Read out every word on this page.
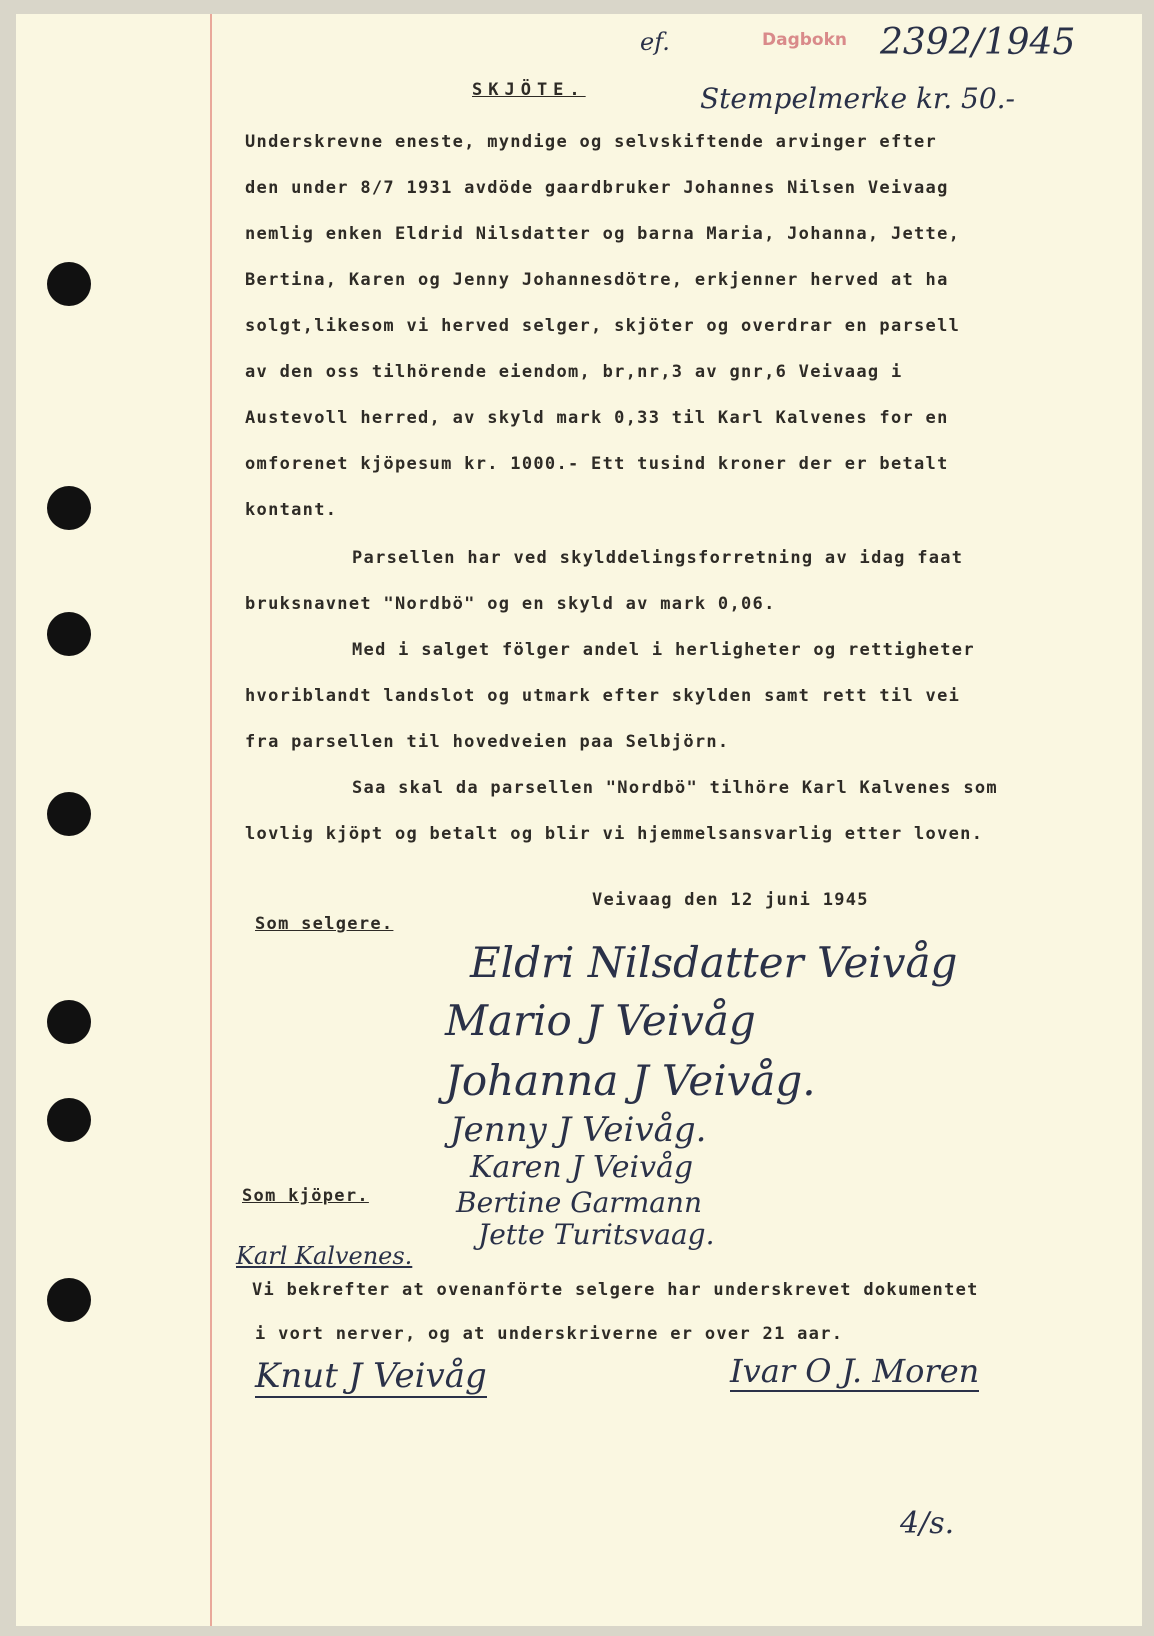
ef.	Dagbokn 2392/1945
Stempelmerke kr. 50.-
SKJÖTE.
Underskrevne eneste, myndige og selvskiftende arvinger efter
den under 8/7 1931 avdöde gaardbruker Johannes Nilsen Veivaag
nemlig enken Eldrid Nilsdatter og barna Maria, Johanna, Jette,
Bertina, Karen og Jenny Johannesdötre, erkjenner herved at ha
solgt,likesom vi herved selger, skjöter og overdrar en parsell
av den oss tilhörende eiendom, br,nr,3 av gnr,6 Veivaag i
Austevoll herred, av skyld mark 0,33 til Karl Kalvenes for en
omforenet kjöpesum kr. 1000.- Ett tusind kroner der er betalt
kontant.
Parsellen har ved skylddelingsforretning av idag faat
bruksnavnet "Nordbö" og en skyld av mark 0,06.
Med i salget fölger andel i herligheter og rettigheter
hvoriblandt landslot og utmark efter skylden samt rett til vei
fra parsellen til hovedveien paa Selbjörn.
Saa skal da parsellen "Nordbö" tilhöre Karl Kalvenes som
lovlig kjöpt og betalt og blir vi hjemmelsansvarlig etter loven.
Veivaag den 12 juni 1945
Som selgere.
Eldri Nilsdatter Veivåg
Mario J Veivåg
Johanna J Veivåg.
Jenny J Veivåg.
Karen J Veivåg
Bertine Garmann
Jette Turitsvaag.
Som kjöper.
Karl Kalvenes.
Vi bekrefter at ovenanförte selgere har underskrevet dokumentet
i vort nerver, og at underskriverne er over 21 aar.
Knut J Veivåg	Ivar O J. Moren
4/s.
